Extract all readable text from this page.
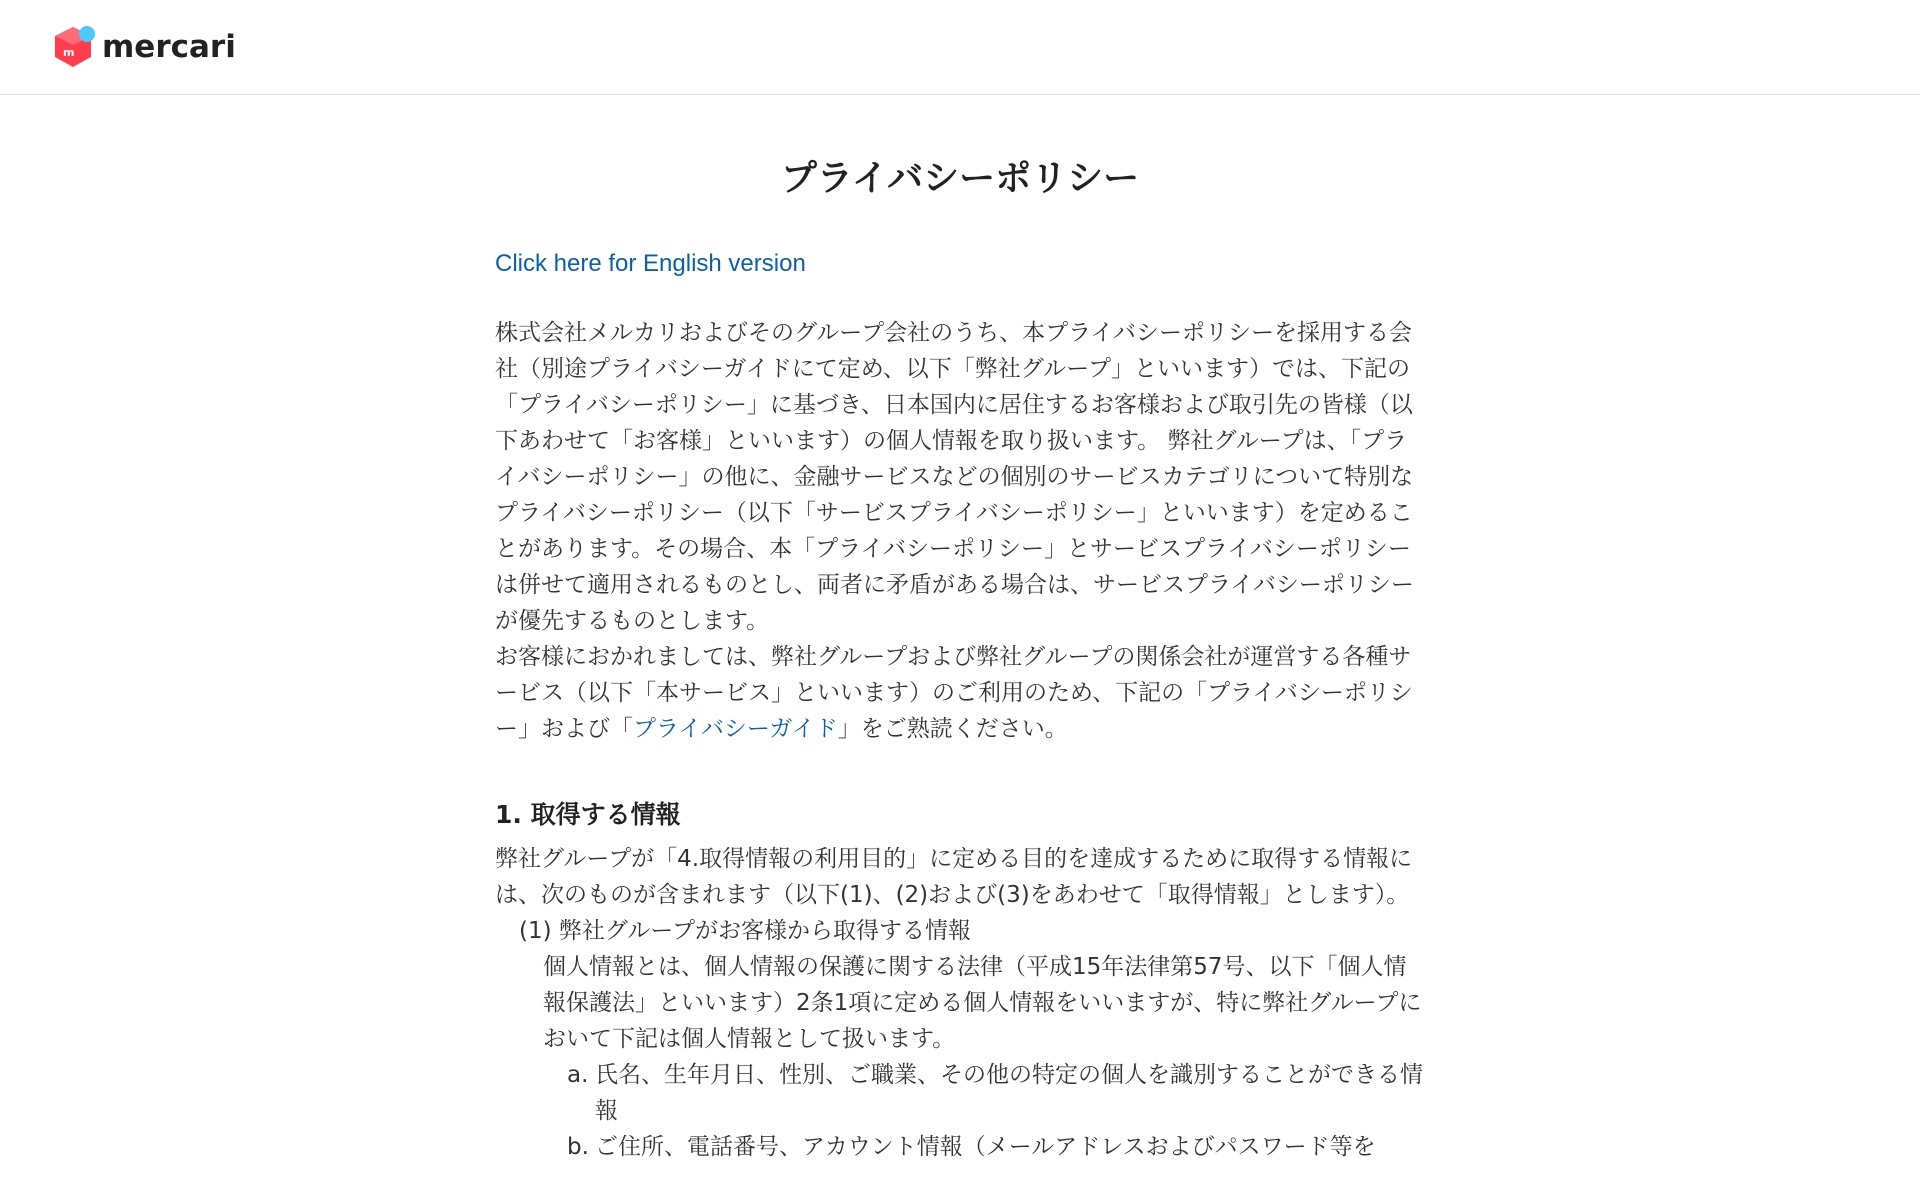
m mercari
プライバシーポリシー
Click here for English version

株式会社メルカリおよびそのグループ会社のうち、本プライバシーポリシーを採用する会社（別途プライバシーガイドにて定め、以下「弊社グループ」といいます）では、下記の「プライバシーポリシー」に基づき、日本国内に居住するお客様および取引先の皆様（以下あわせて「お客様」といいます）の個人情報を取り扱います。 弊社グループは、「プライバシーポリシー」の他に、金融サービスなどの個別のサービスカテゴリについて特別なプライバシーポリシー（以下「サービスプライバシーポリシー」といいます）を定めることがあります。その場合、本「プライバシーポリシー」とサービスプライバシーポリシーは併せて適用されるものとし、両者に矛盾がある場合は、サービスプライバシーポリシーが優先するものとします。

お客様におかれましては、弊社グループおよび弊社グループの関係会社が運営する各種サービス（以下「本サービス」といいます）のご利用のため、下記の「プライバシーポリシー」および「プライバシーガイド」をご熟読ください。

1. 取得する情報

弊社グループが「4.取得情報の利用目的」に定める目的を達成するために取得する情報には、次のものが含まれます（以下(1)、(2)および(3)をあわせて「取得情報」とします）。

(1) 弊社グループがお客様から取得する情報

個人情報とは、個人情報の保護に関する法律（平成15年法律第57号、以下「個人情報保護法」といいます）2条1項に定める個人情報をいいますが、特に弊社グループにおいて下記は個人情報として扱います。

a. 氏名、生年月日、性別、ご職業、その他の特定の個人を識別することができる情報
b. ご住所、電話番号、アカウント情報（メールアドレスおよびパスワード等を
